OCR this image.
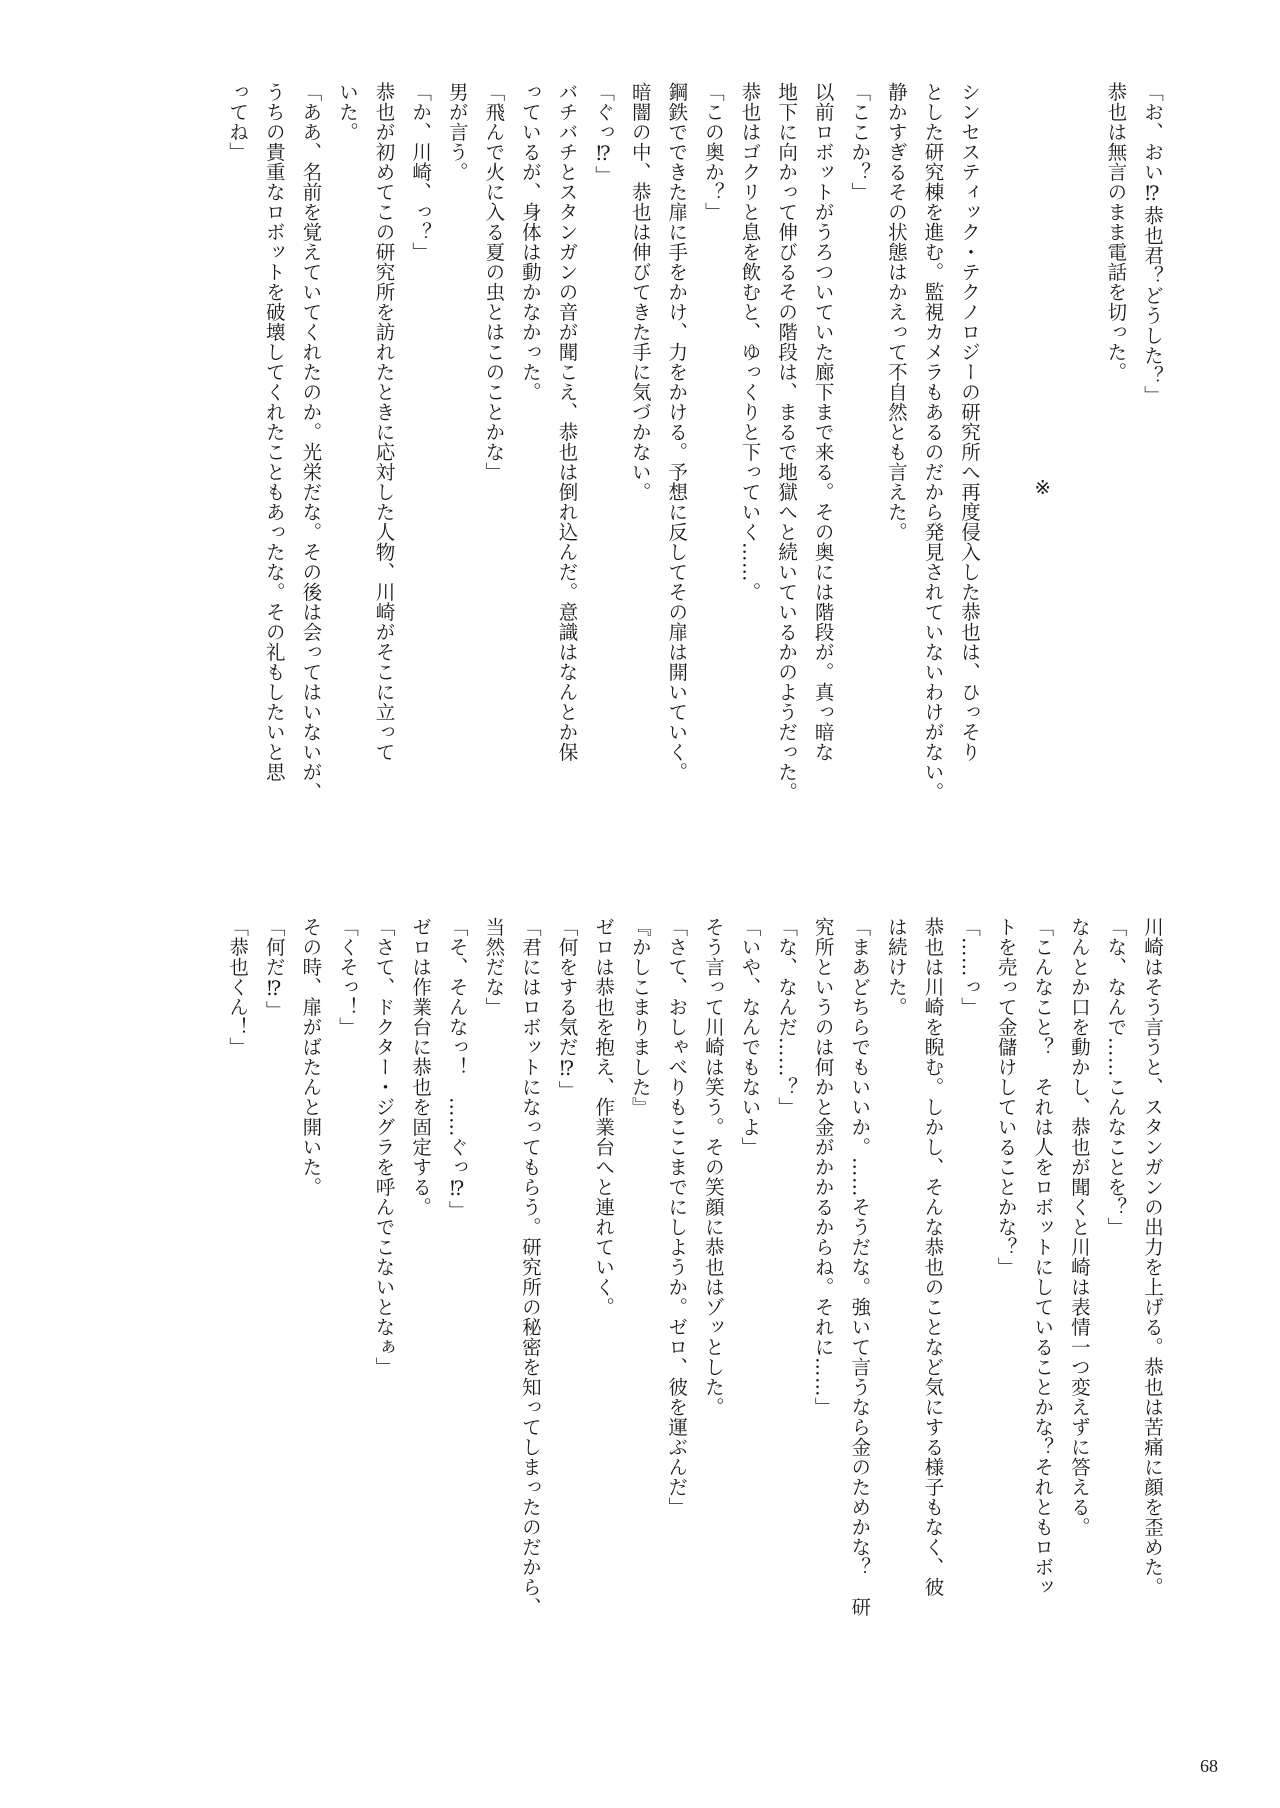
「お、おい⁉恭也君？どうした？」
恭也は無言のまま電話を切った。
※
シンセスティック・テクノロジーの研究所へ再度侵入した恭也は、ひっそり
とした研究棟を進む。監視カメラもあるのだから発見されていないわけがない。
静かすぎるその状態はかえって不自然とも言えた。
「ここか？」
以前ロボットがうろついていた廊下まで来る。その奥には階段が。真っ暗な
地下に向かって伸びるその階段は、まるで地獄へと続いているかのようだった。
恭也はゴクリと息を飲むと、ゆっくりと下っていく……。
「この奥か？」
鋼鉄でできた扉に手をかけ、力をかける。予想に反してその扉は開いていく。
暗闇の中、恭也は伸びてきた手に気づかない。
「ぐっ⁉」
バチバチとスタンガンの音が聞こえ、恭也は倒れ込んだ。意識はなんとか保
っているが、身体は動かなかった。
「飛んで火に入る夏の虫とはこのことかな」
男が言う。
「か、川崎、っ？」
恭也が初めてこの研究所を訪れたときに応対した人物、川崎がそこに立って
いた。
「ああ、名前を覚えていてくれたのか。光栄だな。その後は会ってはいないが、
うちの貴重なロボットを破壊してくれたこともあったな。その礼もしたいと思
ってね」
川崎はそう言うと、スタンガンの出力を上げる。恭也は苦痛に顔を歪めた。
「な、なんで……こんなことを？」
なんとか口を動かし、恭也が聞くと川崎は表情一つ変えずに答える。
「こんなこと？　それは人をロボットにしていることかな？それともロボッ
トを売って金儲けしていることかな？」
「……っ」
恭也は川崎を睨む。しかし、そんな恭也のことなど気にする様子もなく、彼
は続けた。
「まあどちらでもいいか。……そうだな。強いて言うなら金のためかな？　研
究所というのは何かと金がかかるからね。それに……」
「な、なんだ……？」
「いや、なんでもないよ」
そう言って川崎は笑う。その笑顔に恭也はゾッとした。
「さて、おしゃべりもここまでにしようか。ゼロ、彼を運ぶんだ」
『かしこまりました』
ゼロは恭也を抱え、作業台へと連れていく。
「何をする気だ⁉」
「君にはロボットになってもらう。研究所の秘密を知ってしまったのだから、
当然だな」
「そ、そんなっ！　……ぐっ⁉」
ゼロは作業台に恭也を固定する。
「さて、ドクター・ジグラを呼んでこないとなぁ」
「くそっ！」
その時、扉がばたんと開いた。
「何だ⁉」
「恭也くん！」
68
